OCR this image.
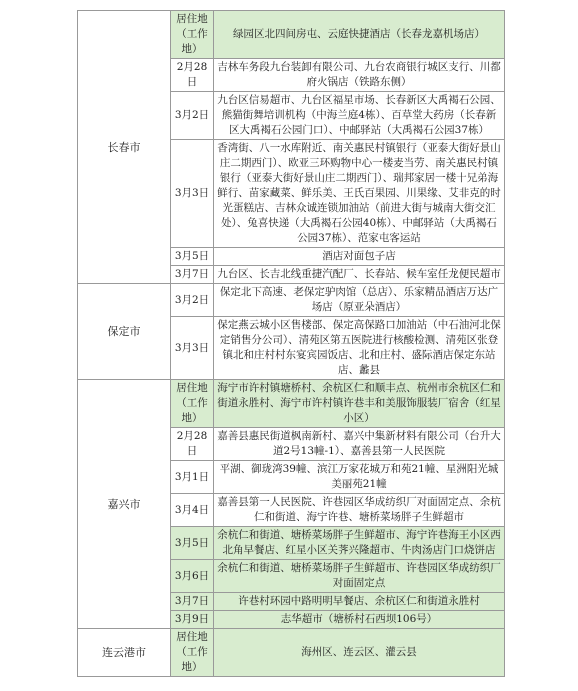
长春市	居住地（工作地）	绿园区北四间房屯、云庭快捷酒店（长春龙嘉机场店）
	2月28日	吉林车务段九台装卸有限公司、九台农商银行城区支行、川都府火锅店（铁路东侧）
	3月2日	九台区信易超市、九台区福星市场、长春新区大禹褐石公园、熊猫街舞培训机构（中海兰庭4栋）、百草堂大药房（长春新区大禹褐石公园门口）、中邮驿站（大禹褐石公园37栋）
	3月3日	香湾街、八一水库附近、南关惠民村镇银行（亚泰大街好景山庄二期西门）、欧亚三环购物中心一楼麦当劳、南关惠民村镇银行（亚泰大街好景山庄二期西门）、瑞邦家居一楼十兄弟海鲜行、苗家藏菜、鲜乐美、王氏百果园、川果缘、艾非克的时光蛋糕店、吉林众诚连锁加油站（前进大街与城南大街交汇处）、兔喜快递（大禹褐石公园40栋）、中邮驿站（大禹褐石公园37栋）、范家屯客运站
	3月5日	酒店对面包子店
	3月7日	九台区、长吉北线重捷汽配厂、长春站、候车室任龙便民超市
保定市	3月2日	保定北下高速、老保定驴肉馆（总店）、乐家精品酒店万达广场店（原亚朵酒店）
	3月3日	保定燕云城小区售楼部、保定高保路口加油站（中石油河北保定销售分公司）、清苑区第五医院进行核酸检测、清苑区张登镇北和庄村村东宴宾园饭店、北和庄村、盛际酒店保定东站店、蠡县
嘉兴市	居住地（工作地）	海宁市许村镇塘桥村、余杭区仁和顺丰点、杭州市余杭区仁和街道永胜村、海宁市许村镇许巷丰和美服饰服装厂宿舍（红星小区）
	2月28日	嘉善县惠民街道枫南新村、嘉兴中集新材料有限公司（台升大道2号13幢-1）、嘉善县第一人民医院
	3月1日	平湖、御珑湾39幢、滨江万家花城万和苑21幢、星洲阳光城美丽苑21幢
	3月4日	嘉善县第一人民医院、许巷园区华成纺织厂对面固定点、余杭仁和街道、海宁许巷、塘桥菜场胖子生鲜超市
	3月5日	余杭仁和街道、塘桥菜场胖子生鲜超市、海宁许巷海王小区西北角早餐店、红星小区关荠兴隆超市、牛肉汤店门口烧饼店
	3月6日	余杭仁和街道、塘桥菜场胖子生鲜超市、许巷园区华成纺织厂对面固定点
	3月7日	许巷村环园中路明明早餐店、余杭区仁和街道永胜村
	3月9日	志华超市（塘桥村石西坝106号）
连云港市	居住地（工作地）	海州区、连云区、灌云县
